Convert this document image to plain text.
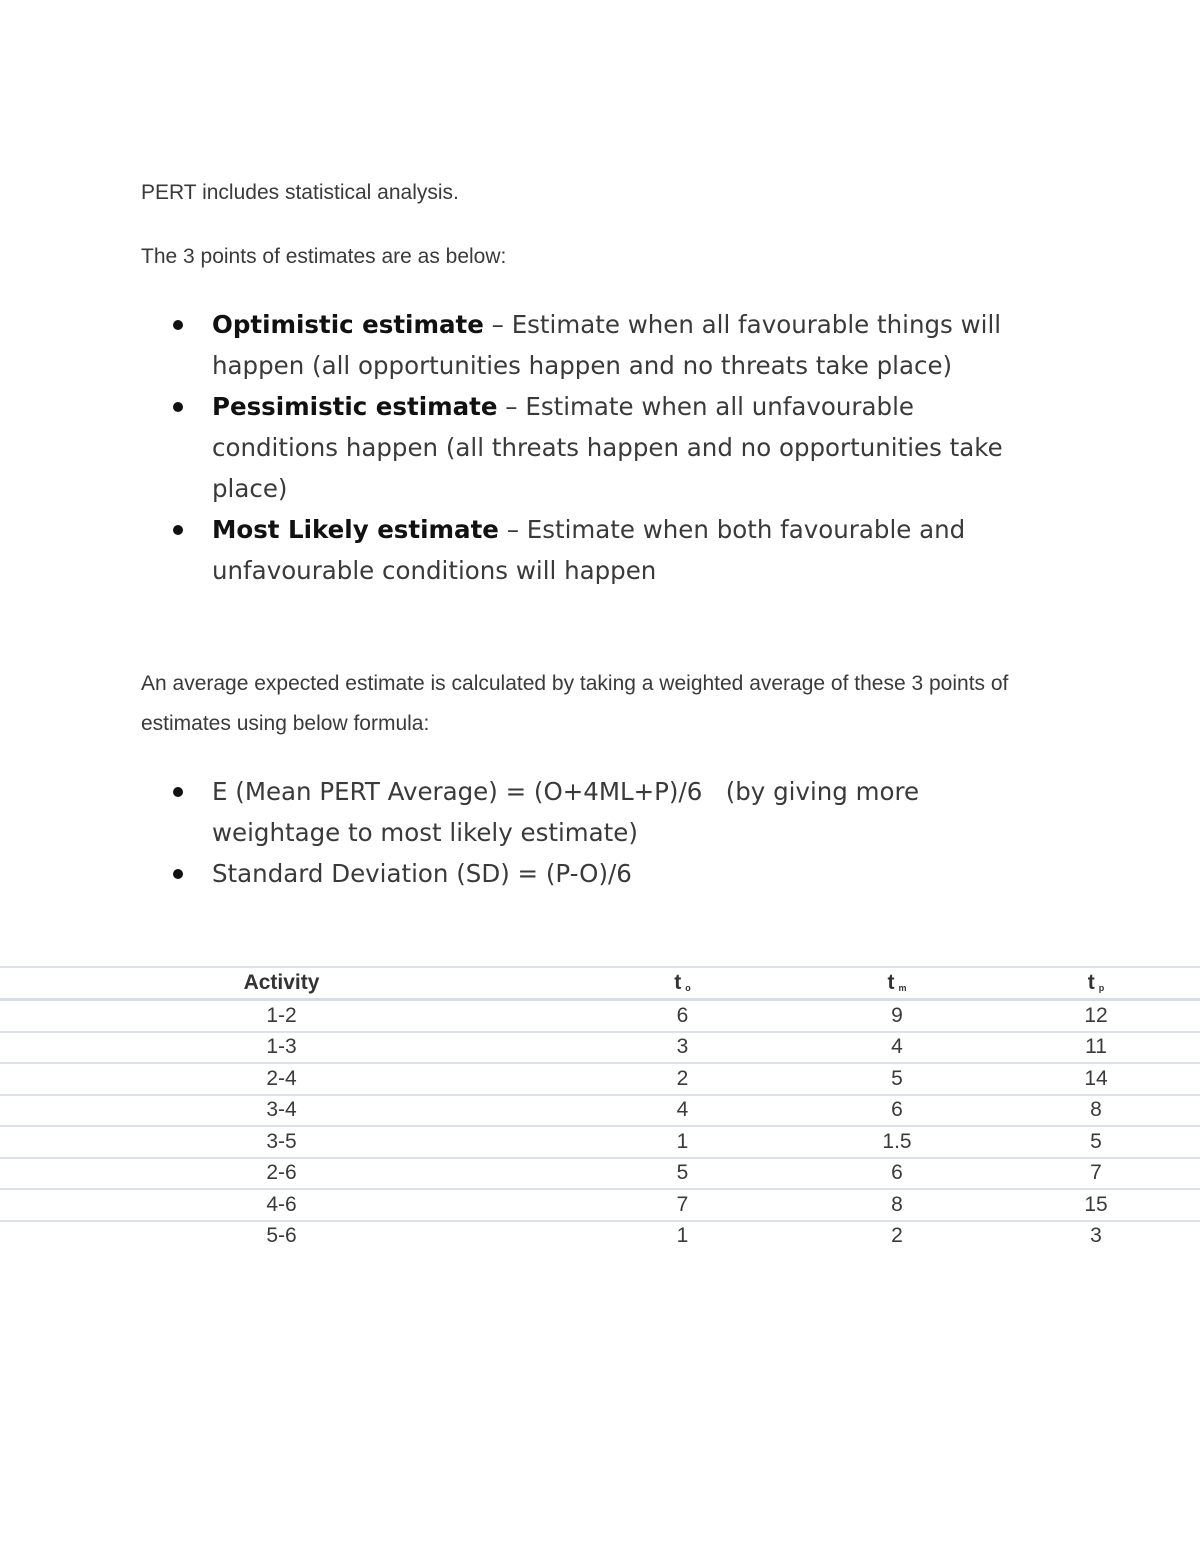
PERT includes statistical analysis.

The 3 points of estimates are as below:

Optimistic estimate – Estimate when all favourable things will happen (all opportunities happen and no threats take place)
Pessimistic estimate – Estimate when all unfavourable conditions happen (all threats happen and no opportunities take place)
Most Likely estimate – Estimate when both favourable and unfavourable conditions will happen

An average expected estimate is calculated by taking a weighted average of these 3 points of estimates using below formula:

E (Mean PERT Average) = (O+4ML+P)/6   (by giving more weightage to most likely estimate)
Standard Deviation (SD) = (P-O)/6
Activity	t $_o$	t $_m$	t $_p$
1-2	6	9	12
1-3	3	4	11
2-4	2	5	14
3-4	4	6	8
3-5	1	1.5	5
2-6	5	6	7
4-6	7	8	15
5-6	1	2	3
